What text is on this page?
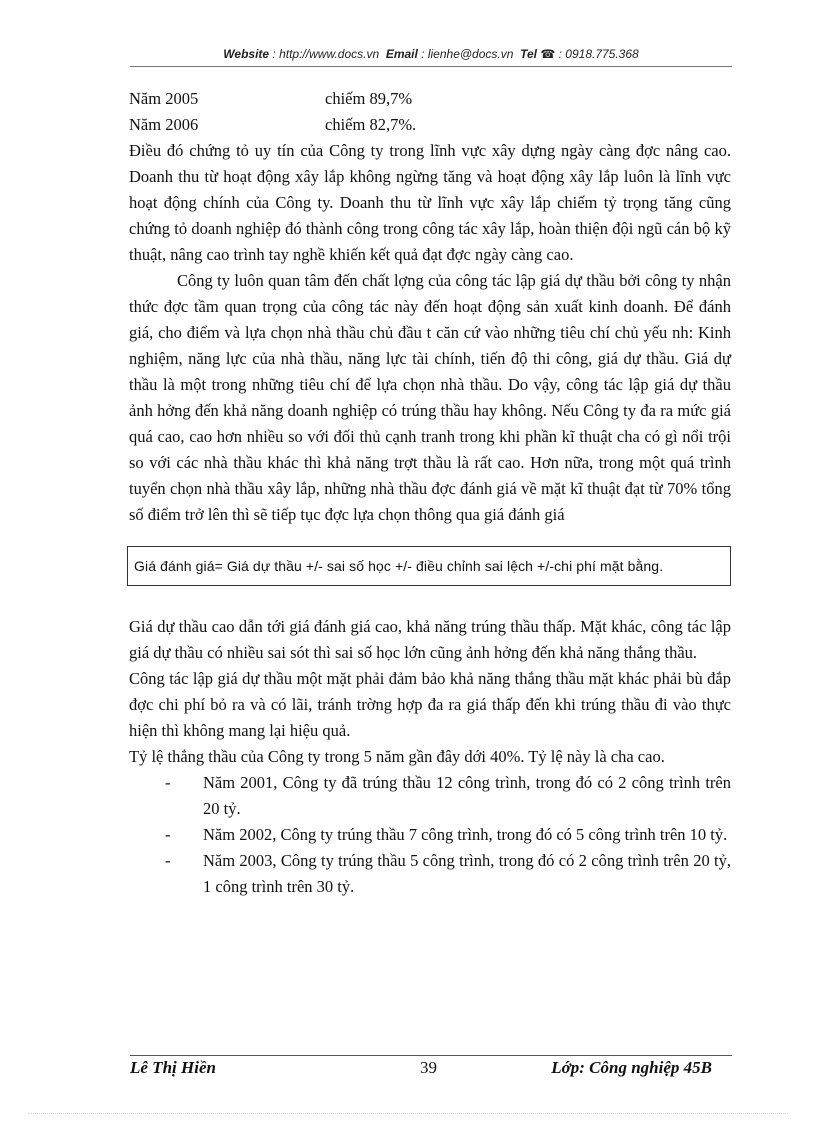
Website : http://www.docs.vn Email : lienhe@docs.vn Tel ☎ : 0918.775.368
Năm 2005	chiếm 89,7%
Năm 2006	chiếm 82,7%.

Điều đó chứng tỏ uy tín của Công ty trong lĩnh vực xây dựng ngày càng đợc nâng cao. Doanh thu từ hoạt động xây lắp không ngừng tăng và hoạt động xây lắp luôn là lĩnh vực hoạt động chính của Công ty. Doanh thu từ lĩnh vực xây lắp chiếm tỷ trọng tăng cũng chứng tỏ doanh nghiệp đó thành công trong công tác xây lắp, hoàn thiện đội ngũ cán bộ kỹ thuật, nâng cao trình tay nghề khiến kết quả đạt đợc ngày càng cao.

Công ty luôn quan tâm đến chất lợng của công tác lập giá dự thầu bởi công ty nhận thức đợc tầm quan trọng của công tác này đến hoạt động sản xuất kinh doanh. Để đánh giá, cho điểm và lựa chọn nhà thầu chủ đầu t căn cứ vào những tiêu chí chủ yếu nh: Kinh nghiệm, năng lực của nhà thầu, năng lực tài chính, tiến độ thi công, giá dự thầu. Giá dự thầu là một trong những tiêu chí để lựa chọn nhà thầu. Do vậy, công tác lập giá dự thầu ảnh hởng đến khả năng doanh nghiệp có trúng thầu hay không. Nếu Công ty đa ra mức giá quá cao, cao hơn nhiều so với đối thủ cạnh tranh trong khi phần kĩ thuật cha có gì nổi trội so với các nhà thầu khác thì khả năng trợt thầu là rất cao. Hơn nữa, trong một quá trình tuyển chọn nhà thầu xây lắp, những nhà thầu đợc đánh giá về mặt kĩ thuật đạt từ 70% tổng số điểm trở lên thì sẽ tiếp tục đợc lựa chọn thông qua giá đánh giá

Giá đánh giá= Giá dự thầu +/- sai số học +/- điều chỉnh sai lệch +/-chi phí mặt bằng.

Giá dự thầu cao dẫn tới giá đánh giá cao, khả năng trúng thầu thấp. Mặt khác, công tác lập giá dự thầu có nhiều sai sót thì sai số học lớn cũng ảnh hởng đến khả năng thắng thầu.

Công tác lập giá dự thầu một mặt phải đảm bảo khả năng thắng thầu mặt khác phải bù đắp đợc chi phí bỏ ra và có lãi, tránh trờng hợp đa ra giá thấp đến khi trúng thầu đi vào thực hiện thì không mang lại hiệu quả.

Tỷ lệ thắng thầu của Công ty trong 5 năm gần đây dới 40%. Tỷ lệ này là cha cao.

- Năm 2001, Công ty đã trúng thầu 12 công trình, trong đó có 2 công trình trên 20 tỷ.
- Năm 2002, Công ty trúng thầu 7 công trình, trong đó có 5 công trình trên 10 tỷ.
- Năm 2003, Công ty trúng thầu 5 công trình, trong đó có 2 công trình trên 20 tỷ, 1 công trình trên 30 tỷ.
Lê Thị Hiền	39	Lớp: Công nghiệp 45B
